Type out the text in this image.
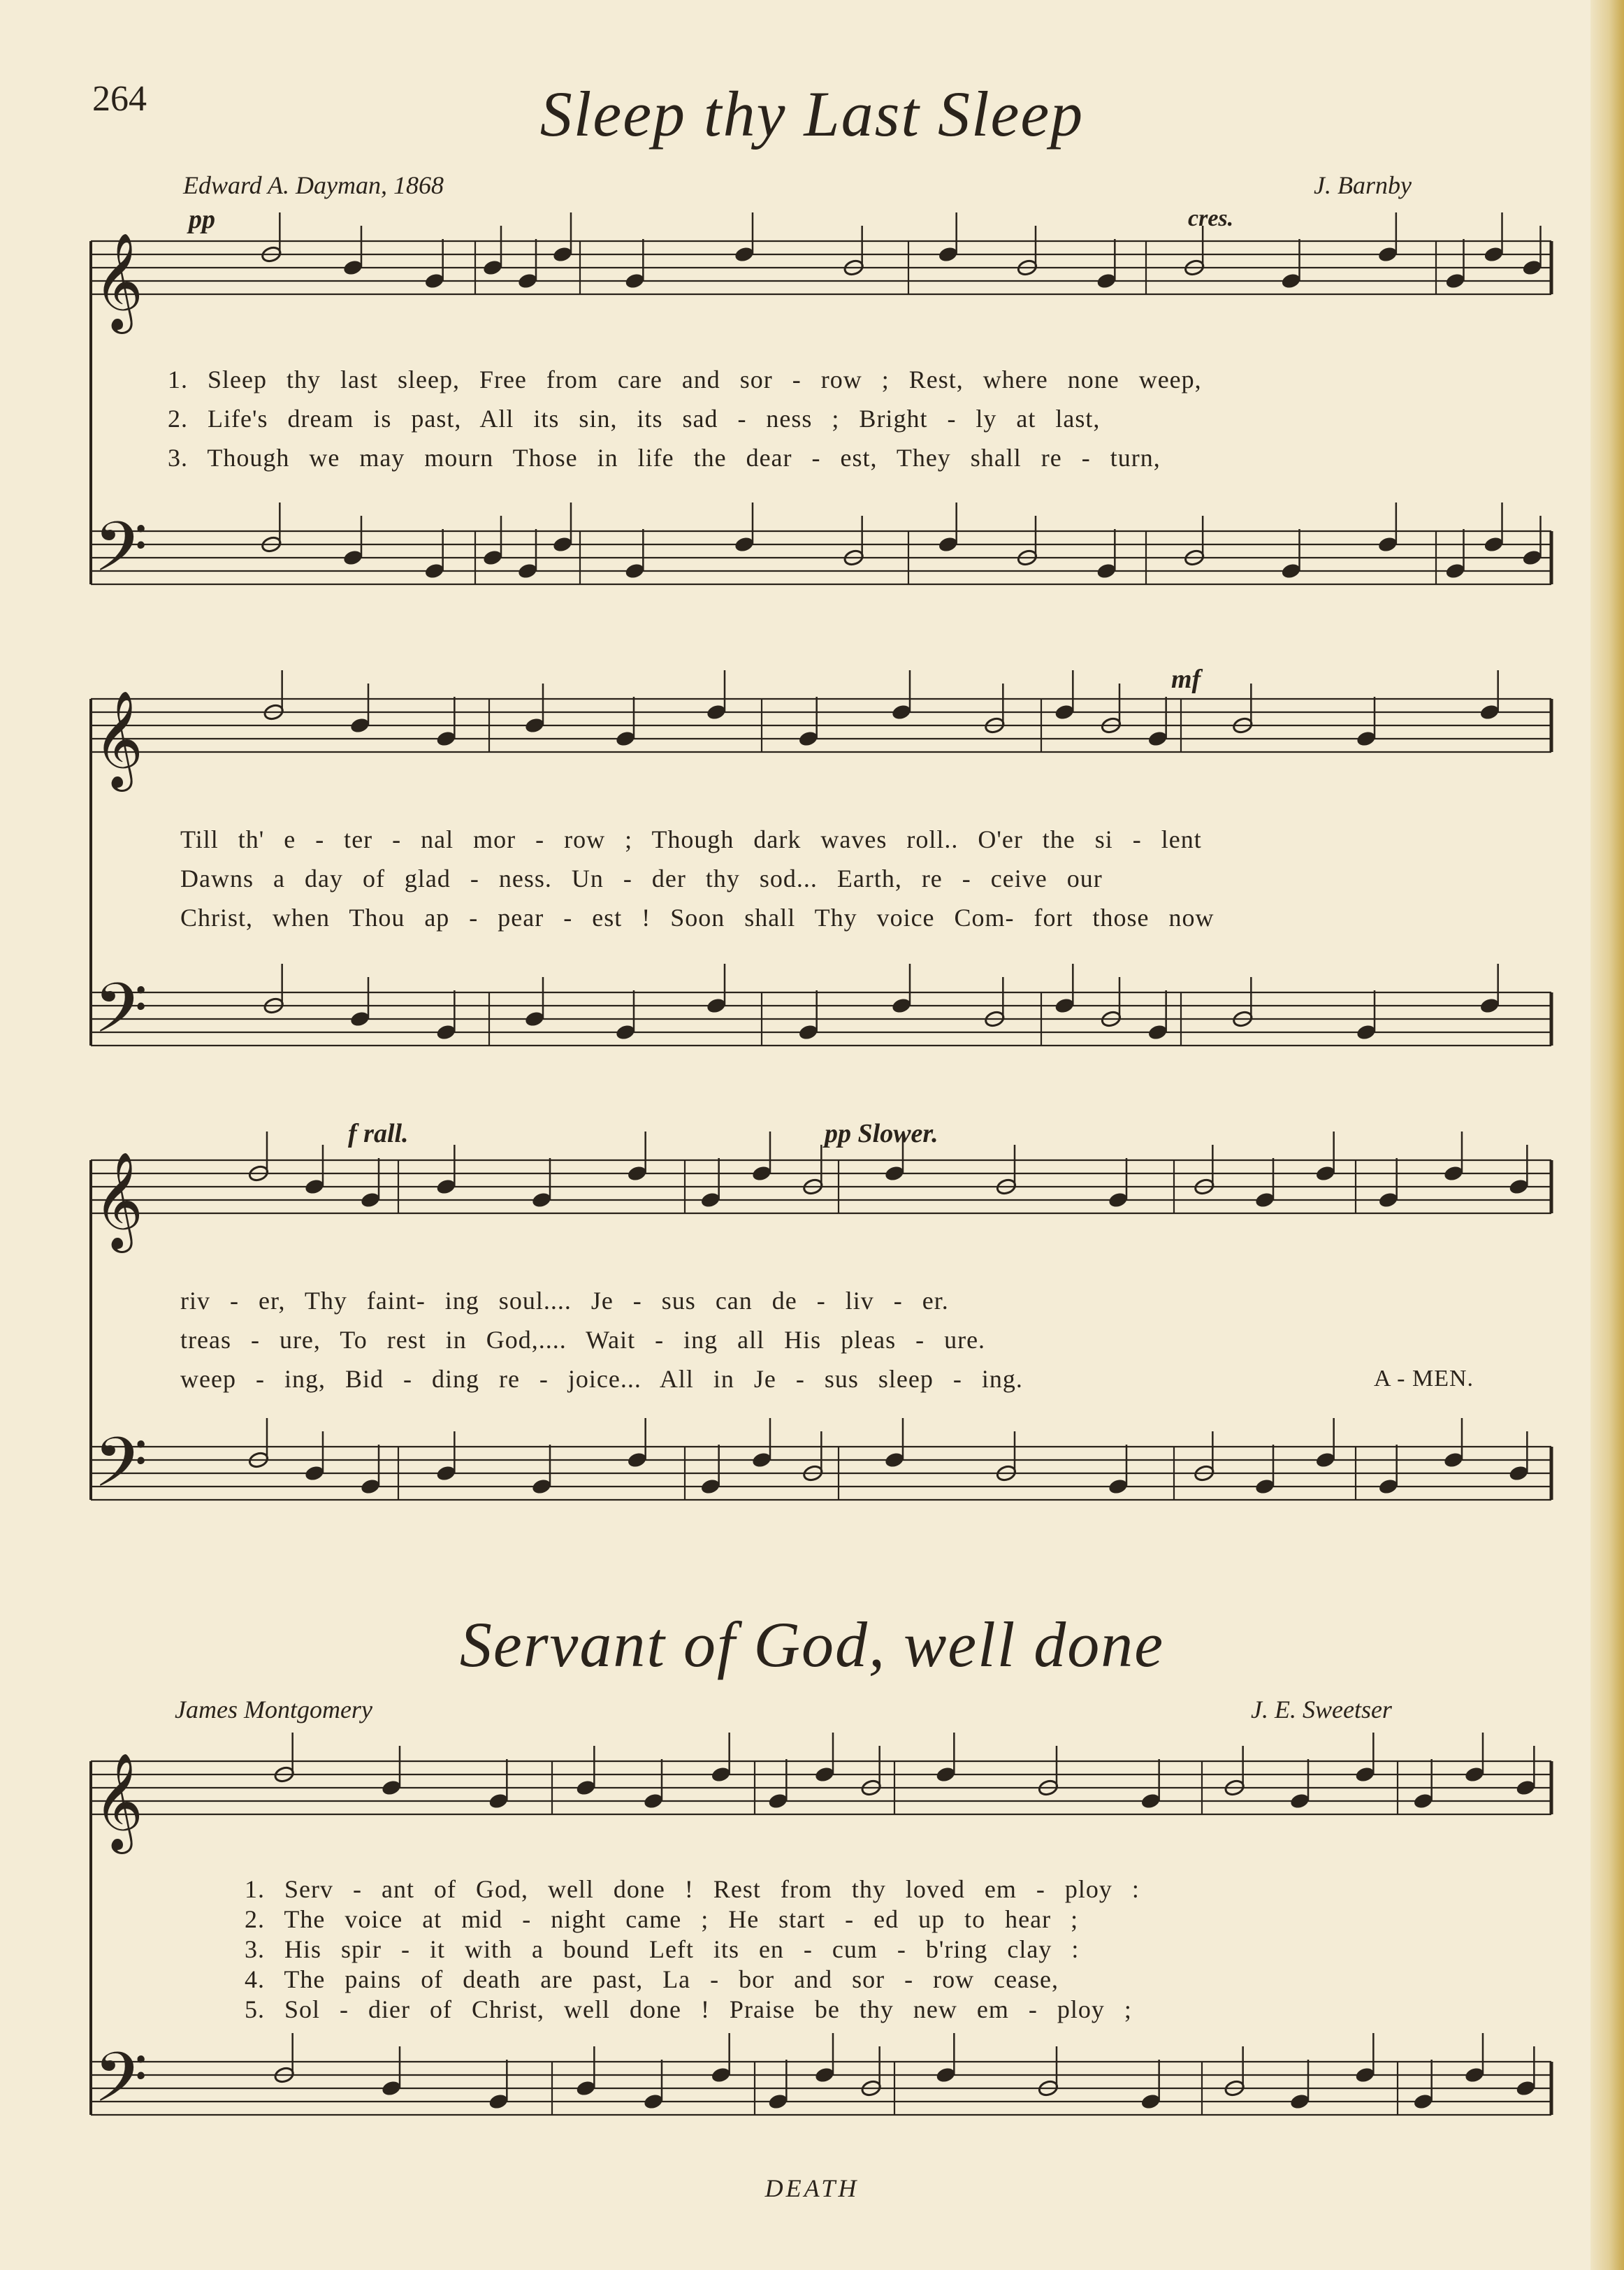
264	Sleep thy Last Sleep
Edward A. Dayman, 1868	J. Barnby
pp	cres.
mf
f rall.	pp Slower.
1. Sleep thy last sleep, Free from care and sor - row ; Rest, where none weep,
2. Life's dream is past, All its sin, its sad - ness ; Bright - ly at last,
3. Though we may mourn Those in life the dear - est, They shall re - turn,
Till th' e - ter - nal mor - row ; Though dark waves roll.. O'er the si - lent
Dawns a day of glad - ness. Un - der thy sod... Earth, re - ceive our
Christ, when Thou ap - pear - est ! Soon shall Thy voice Com- fort those now
riv - er, Thy faint- ing soul.... Je - sus can de - liv - er.
treas - ure, To rest in God,.... Wait - ing all His pleas - ure.
weep - ing, Bid - ding re - joice... All in Je - sus sleep - ing.	A - MEN.
Servant of God, well done
James Montgomery	J. E. Sweetser
1. Serv - ant of God, well done ! Rest from thy loved em - ploy :
2. The voice at mid - night came ; He start - ed up to hear ;
3. His spir - it with a bound Left its en - cum - b'ring clay :
4. The pains of death are past, La - bor and sor - row cease,
5. Sol - dier of Christ, well done ! Praise be thy new em - ploy ;
DEATH
𝄞
𝄢
𝄞
𝄢
𝄞
𝄢
𝄞
𝄢
